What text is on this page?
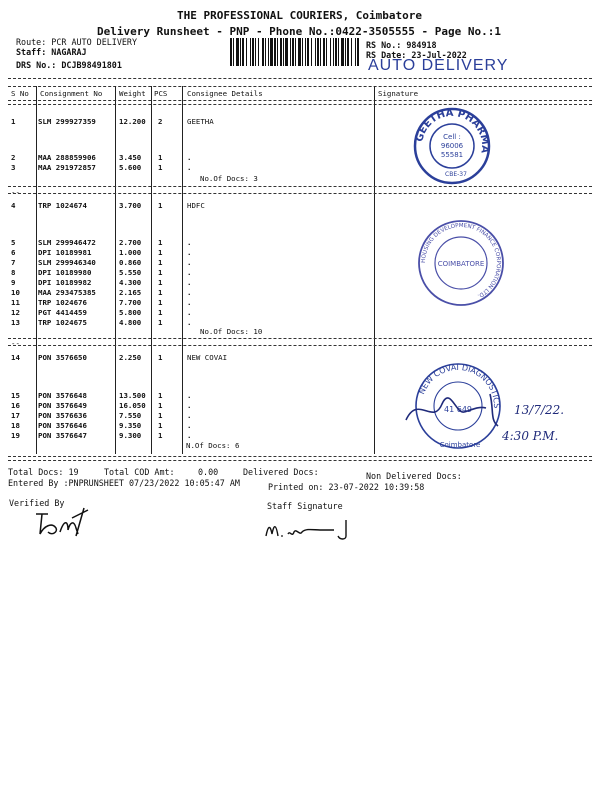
THE PROFESSIONAL COURIERS, Coimbatore
Delivery Runsheet - PNP - Phone No.:0422-3505555 - Page No.:1
Route: PCR AUTO DELIVERY
Staff: NAGARAJ
DRS No.: DCJB98491801
RS No.: 984918
RS Date: 23-Jul-2022
AUTO DELIVERY
S No Consignment No Weight PCS	Consignee Details	Signature
1	SLM 299927359	12.200 2	GEETHA
2	MAA 288859906	3.450 1	.
3	MAA 291972857	5.600 1	.
4	TRP 1024674	3.700 1	HDFC
5	SLM 299946472	2.700 1	.
6	DPI 10189981	1.000 1	.
7	SLM 299946340	0.860 1	.
8	DPI 10189980	5.550 1	.
9	DPI 10189982	4.300 1	.
10 MAA 293475385	2.165 1	.
11 TRP 1024676	7.700 1	.
12 PGT 4414459	5.800 1	.
13 TRP 1024675	4.800 1	.
14 PON 3576650	2.250 1	NEW COVAI
15 PON 3576648	13.500 1	.
16 PON 3576649	16.050 1	.
17 PON 3576636	7.550 1	.
18 PON 3576646	9.350 1	.
19 PON 3576647	9.300 1	.
No.Of Docs: 3
--
No.Of Docs: 10
--
N.Of Docs: 6
GEETHA PHARMA
Cell :
96006
55581
CBE-37
HOUSING DEVELOPMENT FINANCE CORPORATION LTD.
COIMBATORE
NEW COVAI DIAGNOSTICS
41 649
Coimbatore
13/7/22.
4:30 P.M.
Total Docs: 19	Total COD Amt:	0.00	Delivered Docs:	Non Delivered Docs:
Entered By :PNPRUNSHEET 07/23/2022 10:05:47 AM	Printed on: 23-07-2022 10:39:58
Verified By	Staff Signature
